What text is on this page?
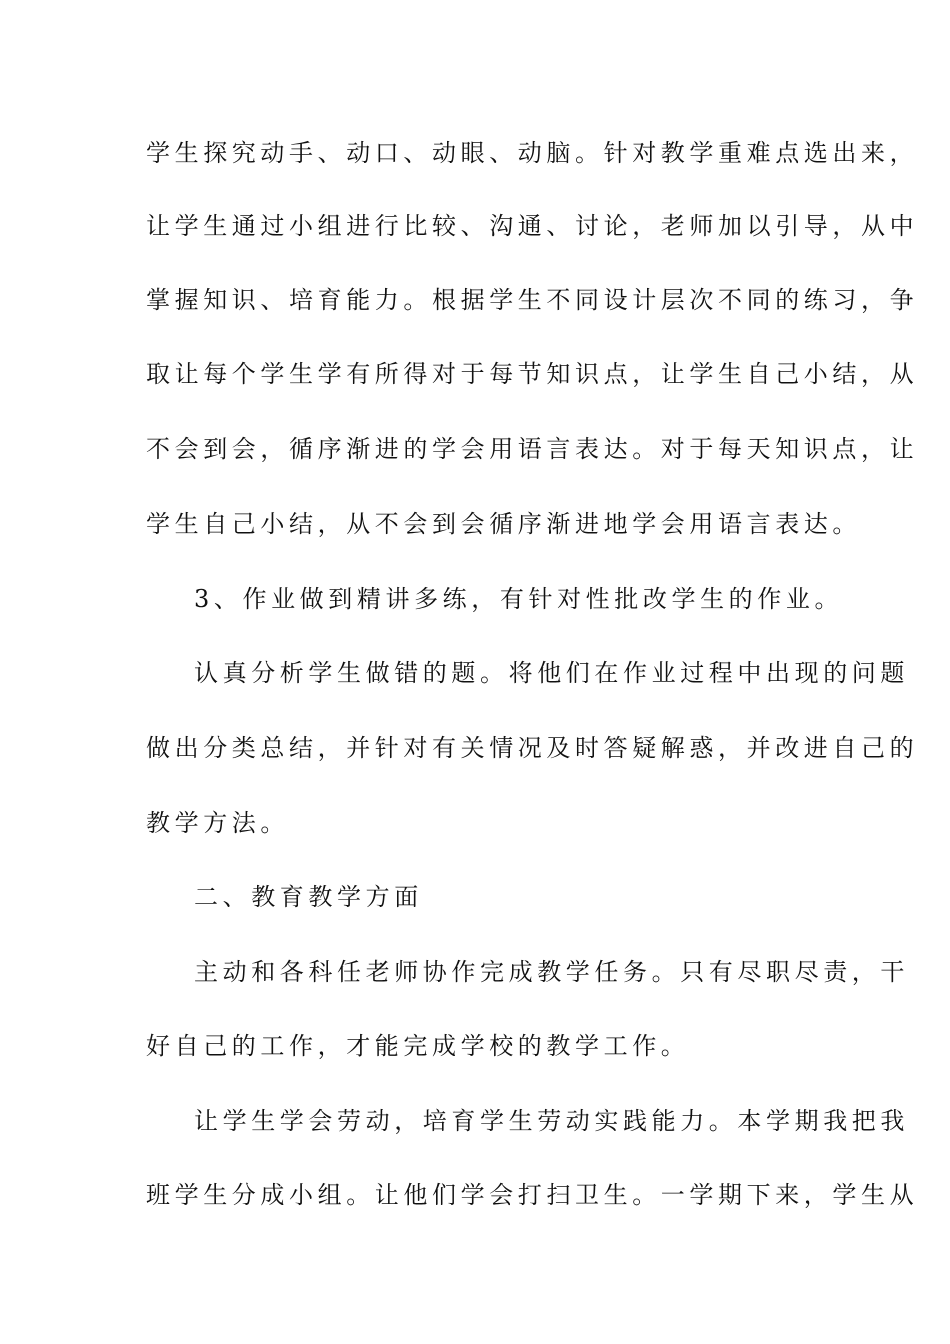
学生探究动手、动口、动眼、动脑。针对教学重难点选出来，
让学生通过小组进行比较、沟通、讨论，老师加以引导，从中
掌握知识、培育能力。根据学生不同设计层次不同的练习，争
取让每个学生学有所得对于每节知识点，让学生自己小结，从
不会到会，循序渐进的学会用语言表达。对于每天知识点，让
学生自己小结，从不会到会循序渐进地学会用语言表达。
3、作业做到精讲多练，有针对性批改学生的作业。
认真分析学生做错的题。将他们在作业过程中出现的问题
做出分类总结，并针对有关情况及时答疑解惑，并改进自己的
教学方法。
二、教育教学方面
主动和各科任老师协作完成教学任务。只有尽职尽责，干
好自己的工作，才能完成学校的教学工作。
让学生学会劳动，培育学生劳动实践能力。本学期我把我
班学生分成小组。让他们学会打扫卫生。一学期下来，学生从
